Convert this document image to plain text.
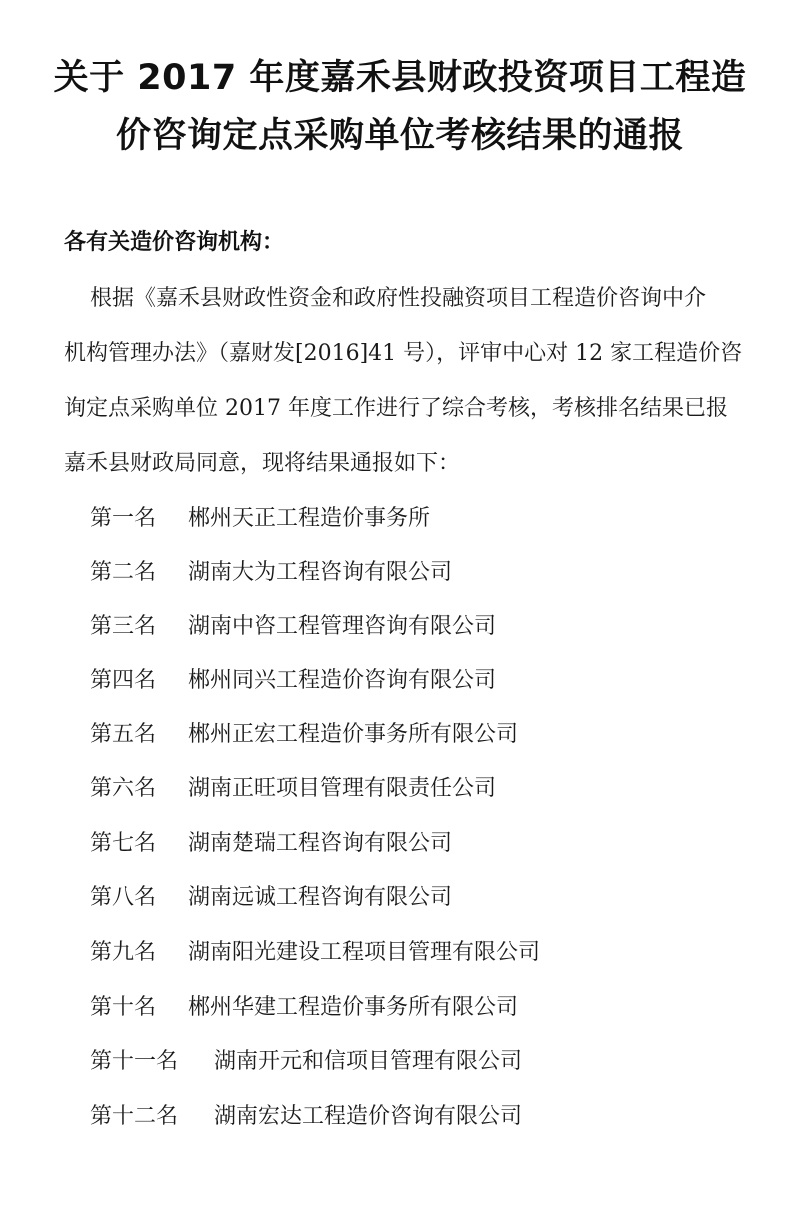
关于 2017 年度嘉禾县财政投资项目工程造
价咨询定点采购单位考核结果的通报
各有关造价咨询机构：
根据《嘉禾县财政性资金和政府性投融资项目工程造价咨询中介
机构管理办法》（嘉财发[2016]41 号），评审中心对 12 家工程造价咨
询定点采购单位 2017 年度工作进行了综合考核，考核排名结果已报
嘉禾县财政局同意，现将结果通报如下：
第一名 郴州天正工程造价事务所
第二名 湖南大为工程咨询有限公司
第三名 湖南中咨工程管理咨询有限公司
第四名 郴州同兴工程造价咨询有限公司
第五名 郴州正宏工程造价事务所有限公司
第六名 湖南正旺项目管理有限责任公司
第七名 湖南楚瑞工程咨询有限公司
第八名 湖南远诚工程咨询有限公司
第九名 湖南阳光建设工程项目管理有限公司
第十名 郴州华建工程造价事务所有限公司
第十一名 湖南开元和信项目管理有限公司
第十二名 湖南宏达工程造价咨询有限公司
